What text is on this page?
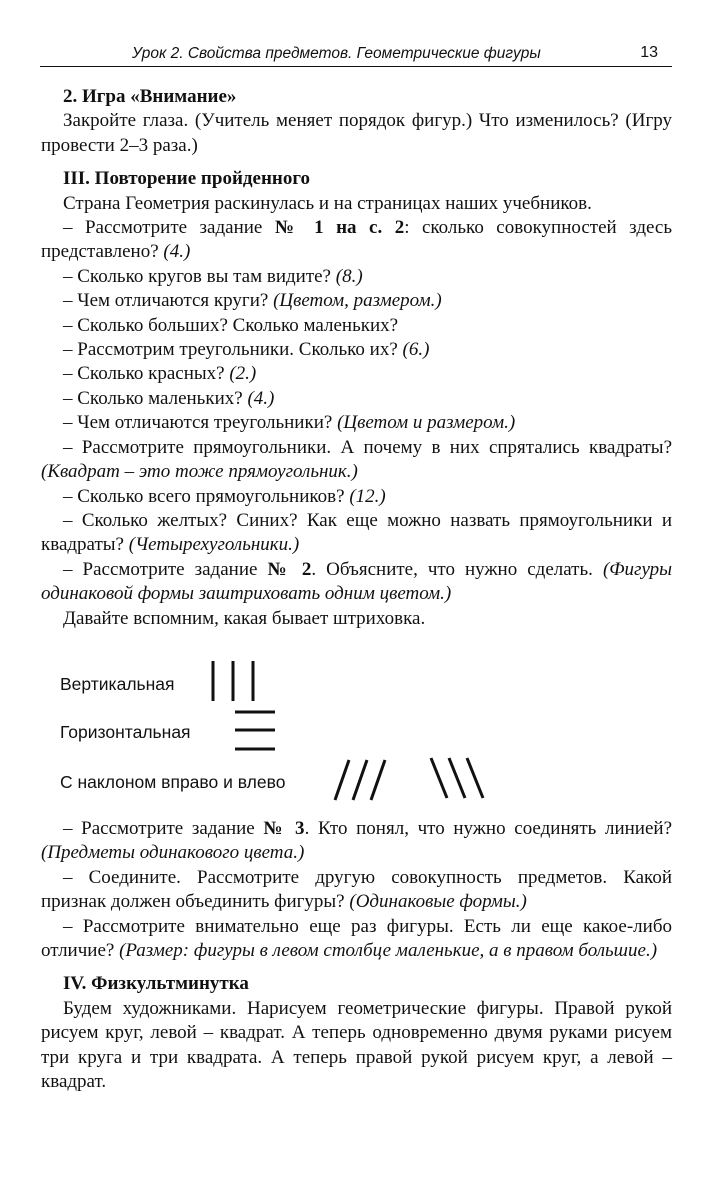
Урок 2. Свойства предметов. Геометрические фигуры	13

2. Игра «Внимание»

Закройте глаза. (Учитель меняет порядок фигур.) Что изменилось? (Игру провести 2–3 раза.)

III. Повторение пройденного

Страна Геометрия раскинулась и на страницах наших учебников.

– Рассмотрите задание № 1 на с. 2: сколько совокупностей здесь представлено? (4.)

– Сколько кругов вы там видите? (8.)

– Чем отличаются круги? (Цветом, размером.)

– Сколько больших? Сколько маленьких?

– Рассмотрим треугольники. Сколько их? (6.)

– Сколько красных? (2.)

– Сколько маленьких? (4.)

– Чем отличаются треугольники? (Цветом и размером.)

– Рассмотрите прямоугольники. А почему в них спрятались квадраты? (Квадрат – это тоже прямоугольник.)

– Сколько всего прямоугольников? (12.)

– Сколько желтых? Синих? Как еще можно назвать прямоугольники и квадраты? (Четырехугольники.)

– Рассмотрите задание № 2. Объясните, что нужно сделать. (Фигуры одинаковой формы заштриховать одним цветом.)

Давайте вспомним, какая бывает штриховка.

Вертикальная
Горизонтальная
С наклоном вправо и влево

– Рассмотрите задание № 3. Кто понял, что нужно соединять линией? (Предметы одинакового цвета.)

– Соедините. Рассмотрите другую совокупность предметов. Какой признак должен объединить фигуры? (Одинаковые формы.)

– Рассмотрите внимательно еще раз фигуры. Есть ли еще какое-либо отличие? (Размер: фигуры в левом столбце маленькие, а в правом большие.)

IV. Физкультминутка

Будем художниками. Нарисуем геометрические фигуры. Правой рукой рисуем круг, левой – квадрат. А теперь одновременно двумя руками рисуем три круга и три квадрата. А теперь правой рукой рисуем круг, а левой – квадрат.
